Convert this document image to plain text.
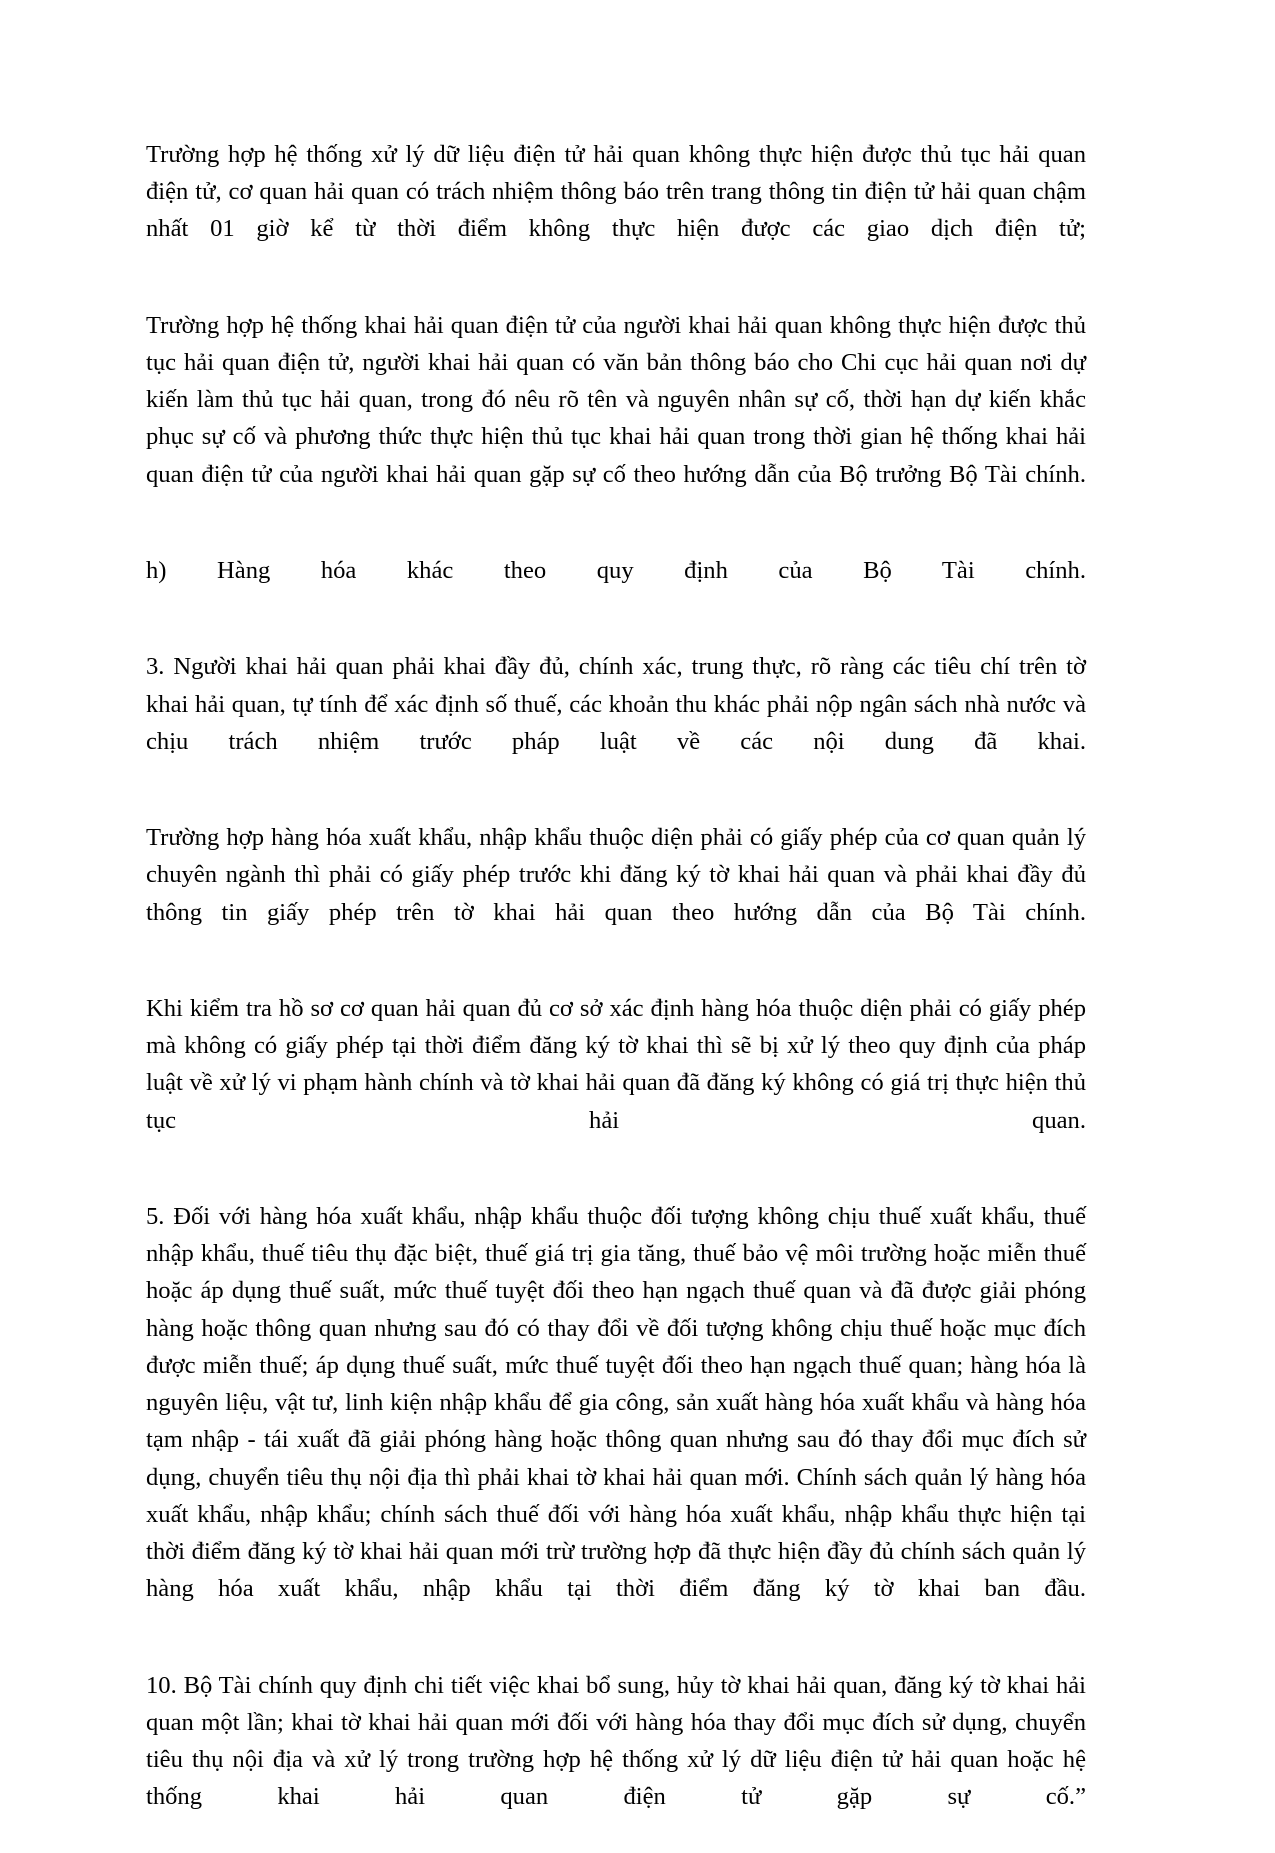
Trường hợp hệ thống xử lý dữ liệu điện tử hải quan không thực hiện được thủ tục hải quan điện tử, cơ quan hải quan có trách nhiệm thông báo trên trang thông tin điện tử hải quan chậm nhất 01 giờ kể từ thời điểm không thực hiện được các giao dịch điện tử;

Trường hợp hệ thống khai hải quan điện tử của người khai hải quan không thực hiện được thủ tục hải quan điện tử, người khai hải quan có văn bản thông báo cho Chi cục hải quan nơi dự kiến làm thủ tục hải quan, trong đó nêu rõ tên và nguyên nhân sự cố, thời hạn dự kiến khắc phục sự cố và phương thức thực hiện thủ tục khai hải quan trong thời gian hệ thống khai hải quan điện tử của người khai hải quan gặp sự cố theo hướng dẫn của Bộ trưởng Bộ Tài chính.

h) Hàng hóa khác theo quy định của Bộ Tài chính.

3. Người khai hải quan phải khai đầy đủ, chính xác, trung thực, rõ ràng các tiêu chí trên tờ khai hải quan, tự tính để xác định số thuế, các khoản thu khác phải nộp ngân sách nhà nước và chịu trách nhiệm trước pháp luật về các nội dung đã khai.

Trường hợp hàng hóa xuất khẩu, nhập khẩu thuộc diện phải có giấy phép của cơ quan quản lý chuyên ngành thì phải có giấy phép trước khi đăng ký tờ khai hải quan và phải khai đầy đủ thông tin giấy phép trên tờ khai hải quan theo hướng dẫn của Bộ Tài chính.

Khi kiểm tra hồ sơ cơ quan hải quan đủ cơ sở xác định hàng hóa thuộc diện phải có giấy phép mà không có giấy phép tại thời điểm đăng ký tờ khai thì sẽ bị xử lý theo quy định của pháp luật về xử lý vi phạm hành chính và tờ khai hải quan đã đăng ký không có giá trị thực hiện thủ tục hải quan.

5. Đối với hàng hóa xuất khẩu, nhập khẩu thuộc đối tượng không chịu thuế xuất khẩu, thuế nhập khẩu, thuế tiêu thụ đặc biệt, thuế giá trị gia tăng, thuế bảo vệ môi trường hoặc miễn thuế hoặc áp dụng thuế suất, mức thuế tuyệt đối theo hạn ngạch thuế quan và đã được giải phóng hàng hoặc thông quan nhưng sau đó có thay đổi về đối tượng không chịu thuế hoặc mục đích được miễn thuế; áp dụng thuế suất, mức thuế tuyệt đối theo hạn ngạch thuế quan; hàng hóa là nguyên liệu, vật tư, linh kiện nhập khẩu để gia công, sản xuất hàng hóa xuất khẩu và hàng hóa tạm nhập - tái xuất đã giải phóng hàng hoặc thông quan nhưng sau đó thay đổi mục đích sử dụng, chuyển tiêu thụ nội địa thì phải khai tờ khai hải quan mới. Chính sách quản lý hàng hóa xuất khẩu, nhập khẩu; chính sách thuế đối với hàng hóa xuất khẩu, nhập khẩu thực hiện tại thời điểm đăng ký tờ khai hải quan mới trừ trường hợp đã thực hiện đầy đủ chính sách quản lý hàng hóa xuất khẩu, nhập khẩu tại thời điểm đăng ký tờ khai ban đầu.

10. Bộ Tài chính quy định chi tiết việc khai bổ sung, hủy tờ khai hải quan, đăng ký tờ khai hải quan một lần; khai tờ khai hải quan mới đối với hàng hóa thay đổi mục đích sử dụng, chuyển tiêu thụ nội địa và xử lý trong trường hợp hệ thống xử lý dữ liệu điện tử hải quan hoặc hệ thống khai hải quan điện tử gặp sự cố.”
